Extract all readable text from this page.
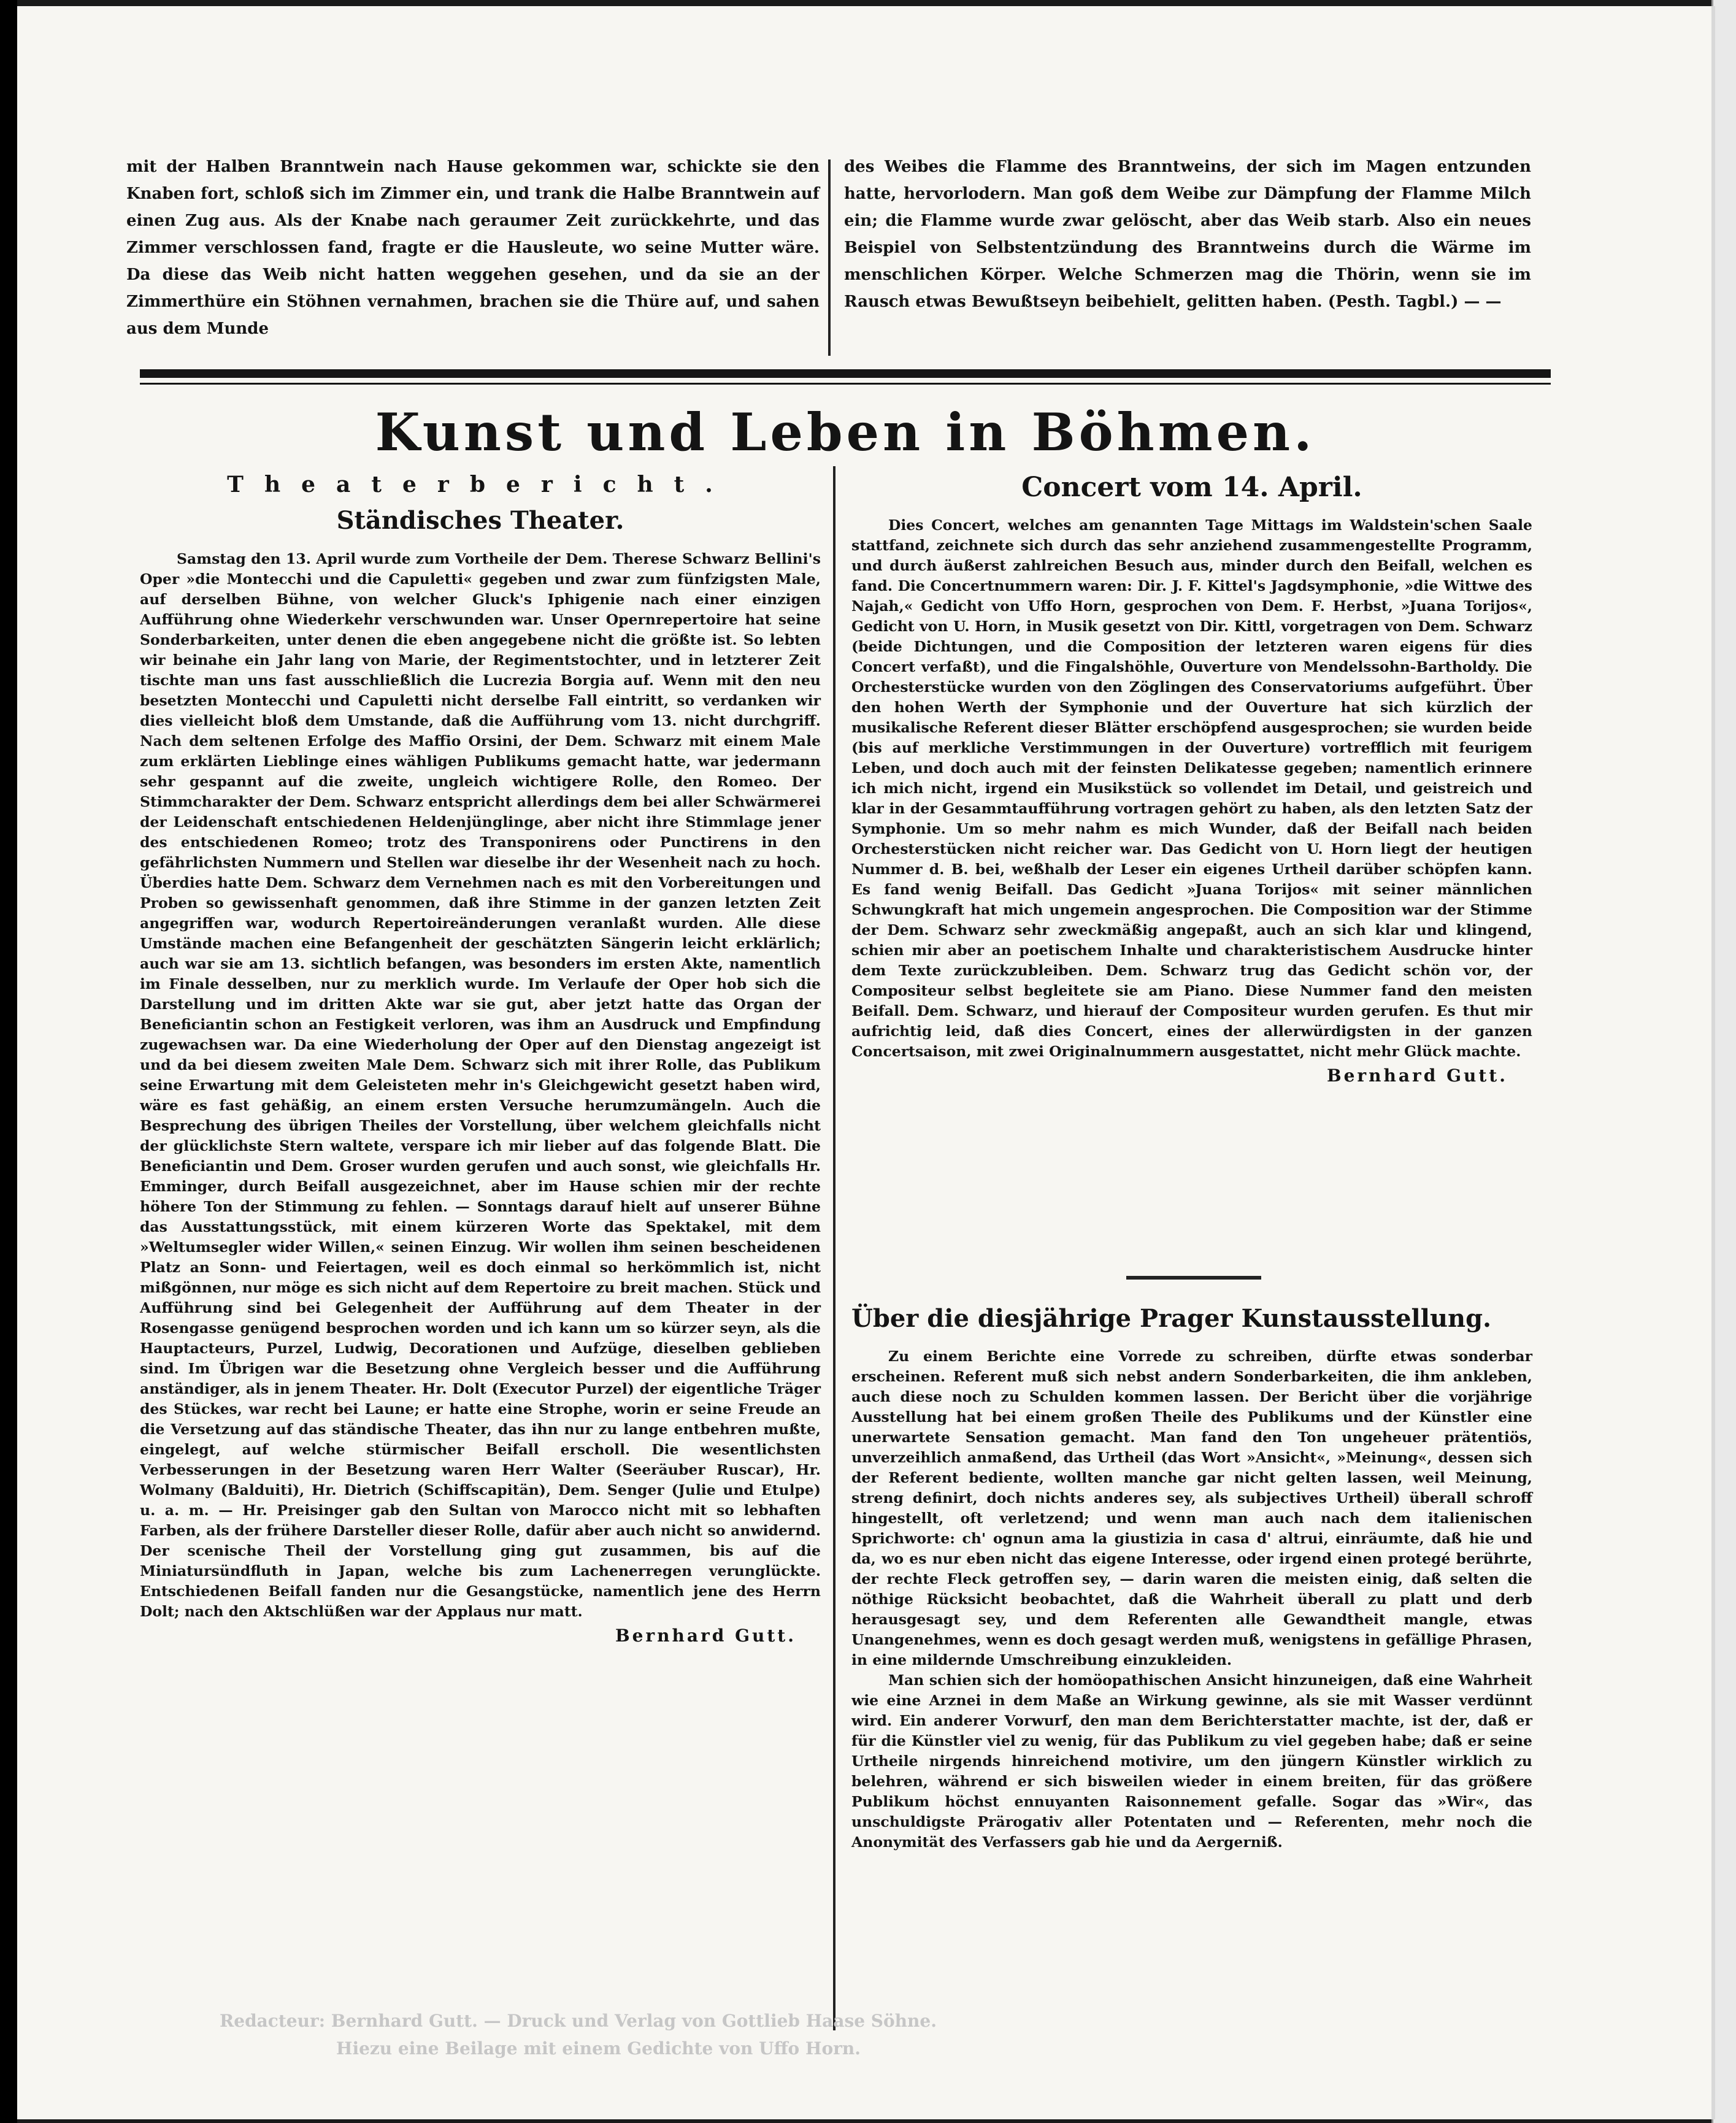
mit der Halben Branntwein nach Hause gekommen war, schickte sie den Knaben fort, schloß sich im Zimmer ein, und trank die Halbe Branntwein auf einen Zug aus. Als der Knabe nach geraumer Zeit zurückkehrte, und das Zimmer verschlossen fand, fragte er die Hausleute, wo seine Mutter wäre. Da diese das Weib nicht hatten weggehen gesehen, und da sie an der Zimmerthüre ein Stöhnen vernahmen, brachen sie die Thüre auf, und sahen aus dem Munde

des Weibes die Flamme des Branntweins, der sich im Magen entzunden hatte, hervorlodern. Man goß dem Weibe zur Dämpfung der Flamme Milch ein; die Flamme wurde zwar gelöscht, aber das Weib starb. Also ein neues Beispiel von Selbstentzündung des Branntweins durch die Wärme im menschlichen Körper. Welche Schmerzen mag die Thörin, wenn sie im Rausch etwas Bewußtseyn beibehielt, gelitten haben. (Pesth. Tagbl.) — —

Kunst und Leben in Böhmen.
Theaterbericht.
Ständisches Theater.

Samstag den 13. April wurde zum Vortheile der Dem. Therese Schwarz Bellini's Oper »die Montecchi und die Capuletti« gegeben und zwar zum fünfzigsten Male, auf derselben Bühne, von welcher Gluck's Iphigenie nach einer einzigen Aufführung ohne Wiederkehr verschwunden war. Unser Opernrepertoire hat seine Sonderbarkeiten, unter denen die eben angegebene nicht die größte ist. So lebten wir beinahe ein Jahr lang von Marie, der Regimentstochter, und in letzterer Zeit tischte man uns fast ausschließlich die Lucrezia Borgia auf. Wenn mit den neu besetzten Montecchi und Capuletti nicht derselbe Fall eintritt, so verdanken wir dies vielleicht bloß dem Umstande, daß die Aufführung vom 13. nicht durchgriff. Nach dem seltenen Erfolge des Maffio Orsini, der Dem. Schwarz mit einem Male zum erklärten Lieblinge eines wähligen Publikums gemacht hatte, war jedermann sehr gespannt auf die zweite, ungleich wichtigere Rolle, den Romeo. Der Stimmcharakter der Dem. Schwarz entspricht allerdings dem bei aller Schwärmerei der Leidenschaft entschiedenen Heldenjünglinge, aber nicht ihre Stimmlage jener des entschiedenen Romeo; trotz des Transponirens oder Punctirens in den gefährlichsten Nummern und Stellen war dieselbe ihr der Wesenheit nach zu hoch. Überdies hatte Dem. Schwarz dem Vernehmen nach es mit den Vorbereitungen und Proben so gewissenhaft genommen, daß ihre Stimme in der ganzen letzten Zeit angegriffen war, wodurch Repertoireänderungen veranlaßt wurden. Alle diese Umstände machen eine Befangenheit der geschätzten Sängerin leicht erklärlich; auch war sie am 13. sichtlich befangen, was besonders im ersten Akte, namentlich im Finale desselben, nur zu merklich wurde. Im Verlaufe der Oper hob sich die Darstellung und im dritten Akte war sie gut, aber jetzt hatte das Organ der Beneficiantin schon an Festigkeit verloren, was ihm an Ausdruck und Empfindung zugewachsen war. Da eine Wiederholung der Oper auf den Dienstag angezeigt ist und da bei diesem zweiten Male Dem. Schwarz sich mit ihrer Rolle, das Publikum seine Erwartung mit dem Geleisteten mehr in's Gleichgewicht gesetzt haben wird, wäre es fast gehäßig, an einem ersten Versuche herumzumängeln. Auch die Besprechung des übrigen Theiles der Vorstellung, über welchem gleichfalls nicht der glücklichste Stern waltete, verspare ich mir lieber auf das folgende Blatt. Die Beneficiantin und Dem. Groser wurden gerufen und auch sonst, wie gleichfalls Hr. Emminger, durch Beifall ausgezeichnet, aber im Hause schien mir der rechte höhere Ton der Stimmung zu fehlen. — Sonntags darauf hielt auf unserer Bühne das Ausstattungsstück, mit einem kürzeren Worte das Spektakel, mit dem »Weltumsegler wider Willen,« seinen Einzug. Wir wollen ihm seinen bescheidenen Platz an Sonn- und Feiertagen, weil es doch einmal so herkömmlich ist, nicht mißgönnen, nur möge es sich nicht auf dem Repertoire zu breit machen. Stück und Aufführung sind bei Gelegenheit der Aufführung auf dem Theater in der Rosengasse genügend besprochen worden und ich kann um so kürzer seyn, als die Hauptacteurs, Purzel, Ludwig, Decorationen und Aufzüge, dieselben geblieben sind. Im Übrigen war die Besetzung ohne Vergleich besser und die Aufführung anständiger, als in jenem Theater. Hr. Dolt (Executor Purzel) der eigentliche Träger des Stückes, war recht bei Laune; er hatte eine Strophe, worin er seine Freude an die Versetzung auf das ständische Theater, das ihn nur zu lange entbehren mußte, eingelegt, auf welche stürmischer Beifall erscholl. Die wesentlichsten Verbesserungen in der Besetzung waren Herr Walter (Seeräuber Ruscar), Hr. Wolmany (Balduiti), Hr. Dietrich (Schiffscapitän), Dem. Senger (Julie und Etulpe) u. a. m. — Hr. Preisinger gab den Sultan von Marocco nicht mit so lebhaften Farben, als der frühere Darsteller dieser Rolle, dafür aber auch nicht so anwidernd. Der scenische Theil der Vorstellung ging gut zusammen, bis auf die Miniatursündfluth in Japan, welche bis zum Lachenerregen verunglückte. Entschiedenen Beifall fanden nur die Gesangstücke, namentlich jene des Herrn Dolt; nach den Aktschlüßen war der Applaus nur matt.

Bernhard Gutt.
Concert vom 14. April.

Dies Concert, welches am genannten Tage Mittags im Waldstein'schen Saale stattfand, zeichnete sich durch das sehr anziehend zusammengestellte Programm, und durch äußerst zahlreichen Besuch aus, minder durch den Beifall, welchen es fand. Die Concertnummern waren: Dir. J. F. Kittel's Jagdsymphonie, »die Wittwe des Najah,« Gedicht von Uffo Horn, gesprochen von Dem. F. Herbst, »Juana Torijos«, Gedicht von U. Horn, in Musik gesetzt von Dir. Kittl, vorgetragen von Dem. Schwarz (beide Dichtungen, und die Composition der letzteren waren eigens für dies Concert verfaßt), und die Fingalshöhle, Ouverture von Mendelssohn-Bartholdy. Die Orchesterstücke wurden von den Zöglingen des Conservatoriums aufgeführt. Über den hohen Werth der Symphonie und der Ouverture hat sich kürzlich der musikalische Referent dieser Blätter erschöpfend ausgesprochen; sie wurden beide (bis auf merkliche Verstimmungen in der Ouverture) vortrefflich mit feurigem Leben, und doch auch mit der feinsten Delikatesse gegeben; namentlich erinnere ich mich nicht, irgend ein Musikstück so vollendet im Detail, und geistreich und klar in der Gesammtaufführung vortragen gehört zu haben, als den letzten Satz der Symphonie. Um so mehr nahm es mich Wunder, daß der Beifall nach beiden Orchesterstücken nicht reicher war. Das Gedicht von U. Horn liegt der heutigen Nummer d. B. bei, weßhalb der Leser ein eigenes Urtheil darüber schöpfen kann. Es fand wenig Beifall. Das Gedicht »Juana Torijos« mit seiner männlichen Schwungkraft hat mich ungemein angesprochen. Die Composition war der Stimme der Dem. Schwarz sehr zweckmäßig angepaßt, auch an sich klar und klingend, schien mir aber an poetischem Inhalte und charakteristischem Ausdrucke hinter dem Texte zurückzubleiben. Dem. Schwarz trug das Gedicht schön vor, der Compositeur selbst begleitete sie am Piano. Diese Nummer fand den meisten Beifall. Dem. Schwarz, und hierauf der Compositeur wurden gerufen. Es thut mir aufrichtig leid, daß dies Concert, eines der allerwürdigsten in der ganzen Concertsaison, mit zwei Originalnummern ausgestattet, nicht mehr Glück machte.

Bernhard Gutt.
Über die diesjährige Prager Kunstausstellung.

Zu einem Berichte eine Vorrede zu schreiben, dürfte etwas sonderbar erscheinen. Referent muß sich nebst andern Sonderbarkeiten, die ihm ankleben, auch diese noch zu Schulden kommen lassen. Der Bericht über die vorjährige Ausstellung hat bei einem großen Theile des Publikums und der Künstler eine unerwartete Sensation gemacht. Man fand den Ton ungeheuer prätentiös, unverzeihlich anmaßend, das Urtheil (das Wort »Ansicht«, »Meinung«, dessen sich der Referent bediente, wollten manche gar nicht gelten lassen, weil Meinung, streng definirt, doch nichts anderes sey, als subjectives Urtheil) überall schroff hingestellt, oft verletzend; und wenn man auch nach dem italienischen Sprichworte: ch' ognun ama la giustizia in casa d' altrui, einräumte, daß hie und da, wo es nur eben nicht das eigene Interesse, oder irgend einen protegé berührte, der rechte Fleck getroffen sey, — darin waren die meisten einig, daß selten die nöthige Rücksicht beobachtet, daß die Wahrheit überall zu platt und derb herausgesagt sey, und dem Referenten alle Gewandtheit mangle, etwas Unangenehmes, wenn es doch gesagt werden muß, wenigstens in gefällige Phrasen, in eine mildernde Umschreibung einzukleiden.

Man schien sich der homöopathischen Ansicht hinzuneigen, daß eine Wahrheit wie eine Arznei in dem Maße an Wirkung gewinne, als sie mit Wasser verdünnt wird. Ein anderer Vorwurf, den man dem Berichterstatter machte, ist der, daß er für die Künstler viel zu wenig, für das Publikum zu viel gegeben habe; daß er seine Urtheile nirgends hinreichend motivire, um den jüngern Künstler wirklich zu belehren, während er sich bisweilen wieder in einem breiten, für das größere Publikum höchst ennuyanten Raisonnement gefalle. Sogar das »Wir«, das unschuldigste Prärogativ aller Potentaten und — Referenten, mehr noch die Anonymität des Verfassers gab hie und da Aergerniß.

Redacteur: Bernhard Gutt. — Druck und Verlag von Gottlieb Haase Söhne.
Hiezu eine Beilage mit einem Gedichte von Uffo Horn.
